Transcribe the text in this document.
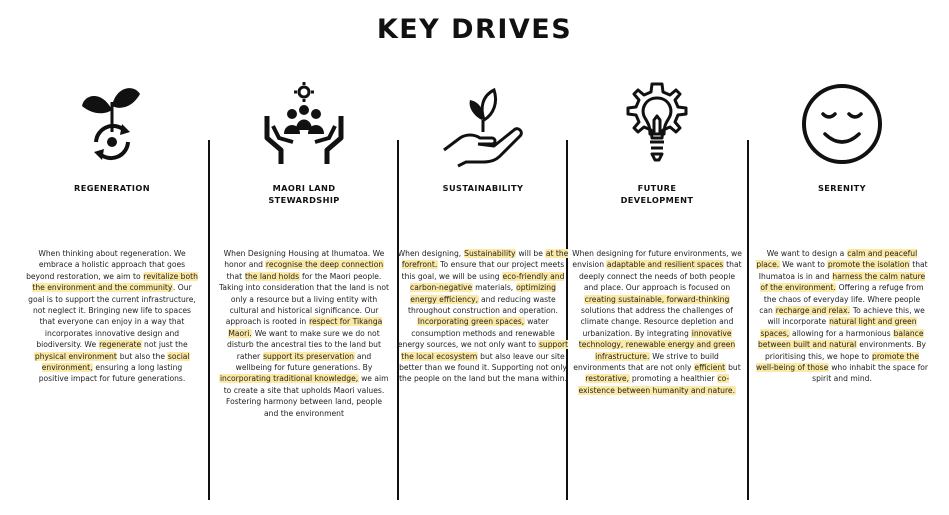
KEY DRIVES
REGENERATION
When thinking about regeneration. We embrace a holistic approach that goes beyond restoration, we aim to revitalize both the environment and the community. Our goal is to support the current infrastructure, not neglect it. Bringing new life to spaces that everyone can enjoy in a way that incorporates innovative design and biodiversity. We regenerate not just the physical environment but also the social environment, ensuring a long lasting positive impact for future generations.
MAORI LAND STEWARDSHIP
When Designing Housing at Ihumatoa. We honor and recognise the deep connection that the land holds for the Maori people. Taking into consideration that the land is not only a resource but a living entity with cultural and historical significance. Our approach is rooted in respect for Tikanga Maori. We want to make sure we do not disturb the ancestral ties to the land but rather support its preservation and wellbeing for future generations. By incorporating traditional knowledge, we aim to create a site that upholds Maori values. Fostering harmony between land, people and the environment
SUSTAINABILITY
When designing, Sustainability will be at the forefront. To ensure that our project meets this goal, we will be using eco-friendly and carbon-negative materials, optimizing energy efficiency, and reducing waste throughout construction and operation. Incorporating green spaces, water consumption methods and renewable energy sources, we not only want to support the local ecosystem but also leave our site better than we found it. Supporting not only the people on the land but the mana within.
FUTURE DEVELOPMENT
When designing for future environments, we envision adaptable and resilient spaces that deeply connect the needs of both people and place. Our approach is focused on creating sustainable, forward-thinking solutions that address the challenges of climate change. Resource depletion and urbanization. By integrating innovative technology, renewable energy and green infrastructure. We strive to build environments that are not only efficient but restorative, promoting a healthier co-existence between humanity and nature.
SERENITY
We want to design a calm and peaceful place. We want to promote the isolation that Ihumatoa is in and harness the calm nature of the environment. Offering a refuge from the chaos of everyday life. Where people can recharge and relax. To achieve this, we will incorporate natural light and green spaces, allowing for a harmonious balance between built and natural environments. By prioritising this, we hope to promote the well-being of those who inhabit the space for spirit and mind.
